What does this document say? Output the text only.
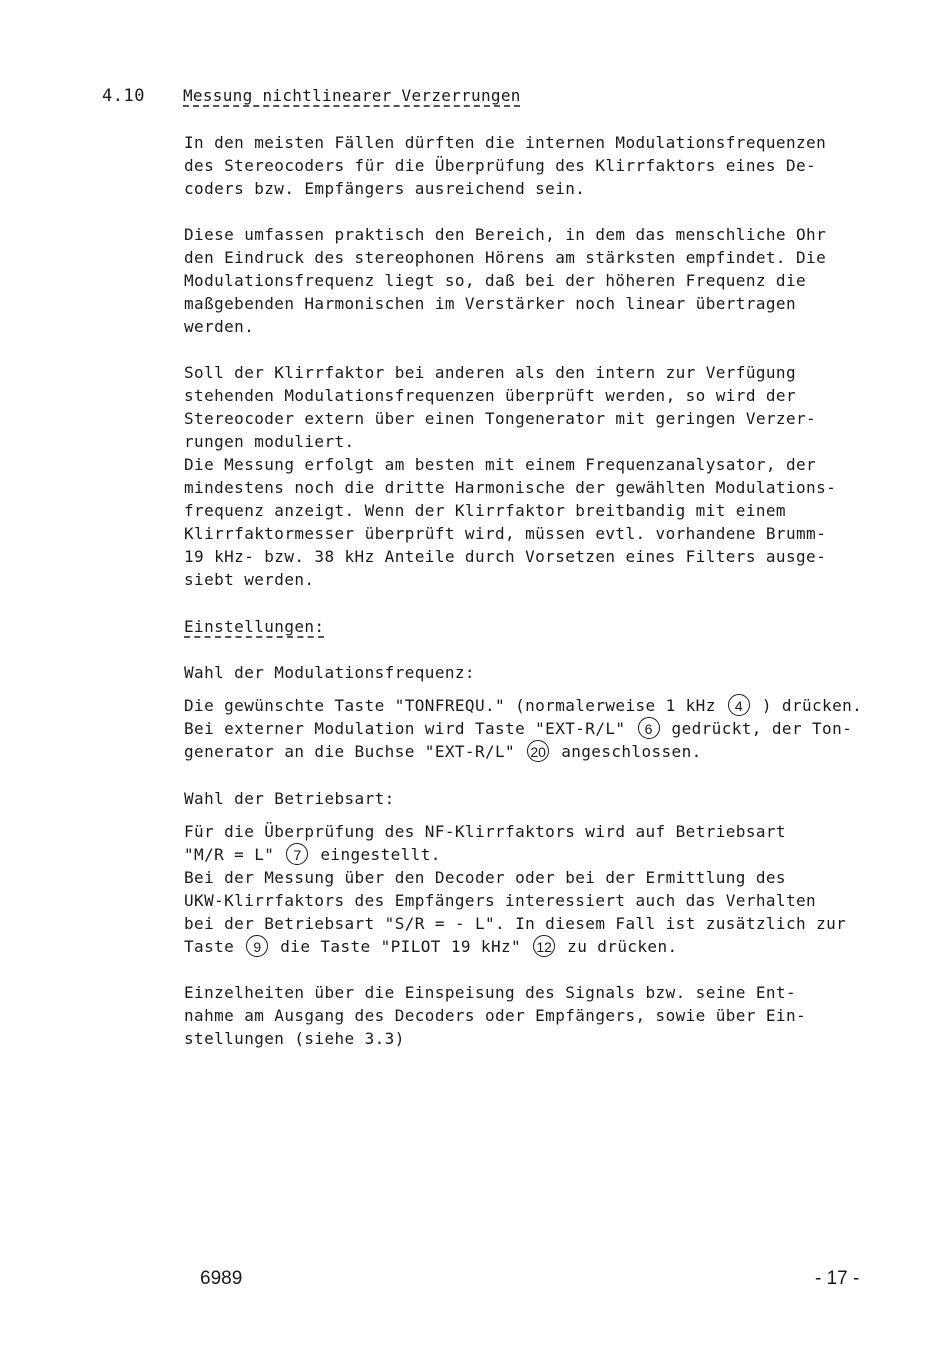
4.10 Messung nichtlinearer Verzerrungen
In den meisten Fällen dürften die internen Modulationsfrequenzen
des Stereocoders für die Überprüfung des Klirrfaktors eines De-
coders bzw. Empfängers ausreichend sein.
Diese umfassen praktisch den Bereich, in dem das menschliche Ohr
den Eindruck des stereophonen Hörens am stärksten empfindet. Die
Modulationsfrequenz liegt so, daß bei der höheren Frequenz die
maßgebenden Harmonischen im Verstärker noch linear übertragen
werden.
Soll der Klirrfaktor bei anderen als den intern zur Verfügung
stehenden Modulationsfrequenzen überprüft werden, so wird der
Stereocoder extern über einen Tongenerator mit geringen Verzer-
rungen moduliert.
Die Messung erfolgt am besten mit einem Frequenzanalysator, der
mindestens noch die dritte Harmonische der gewählten Modulations-
frequenz anzeigt. Wenn der Klirrfaktor breitbandig mit einem
Klirrfaktormesser überprüft wird, müssen evtl. vorhandene Brumm-
19 kHz- bzw. 38 kHz Anteile durch Vorsetzen eines Filters ausge-
siebt werden.
Einstellungen:
Wahl der Modulationsfrequenz:
Die gewünschte Taste "TONFREQU." (normalerweise 1 kHz 4 ) drücken.
Bei externer Modulation wird Taste "EXT-R/L" 6 gedrückt, der Ton-
generator an die Buchse "EXT-R/L" 20 angeschlossen.
Wahl der Betriebsart:
Für die Überprüfung des NF-Klirrfaktors wird auf Betriebsart
"M/R = L" 7 eingestellt.
Bei der Messung über den Decoder oder bei der Ermittlung des
UKW-Klirrfaktors des Empfängers interessiert auch das Verhalten
bei der Betriebsart "S/R = - L". In diesem Fall ist zusätzlich zur
Taste 9 die Taste "PILOT 19 kHz" 12 zu drücken.
Einzelheiten über die Einspeisung des Signals bzw. seine Ent-
nahme am Ausgang des Decoders oder Empfängers, sowie über Ein-
stellungen (siehe 3.3)
6989	- 17 -
